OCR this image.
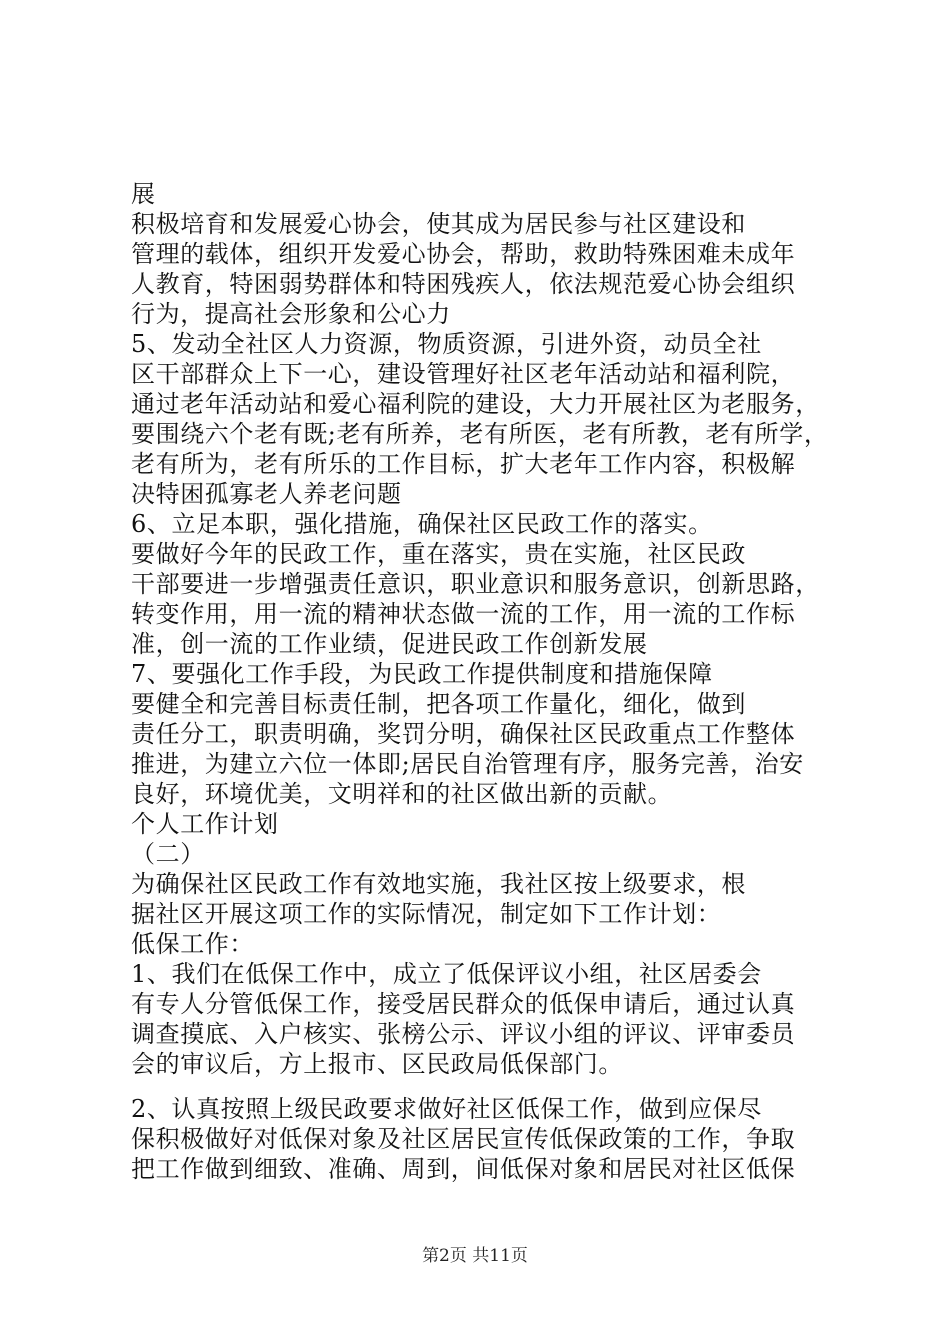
展
积极培育和发展爱心协会，使其成为居民参与社区建设和
管理的载体，组织开发爱心协会，帮助，救助特殊困难未成年
人教育，特困弱势群体和特困残疾人，依法规范爱心协会组织
行为，提高社会形象和公心力
5、发动全社区人力资源，物质资源，引进外资，动员全社
区干部群众上下一心，建设管理好社区老年活动站和福利院，
通过老年活动站和爱心福利院的建设，大力开展社区为老服务，
要围绕六个老有既;老有所养，老有所医，老有所教，老有所学，
老有所为，老有所乐的工作目标，扩大老年工作内容，积极解
决特困孤寡老人养老问题
6、立足本职，强化措施，确保社区民政工作的落实。
要做好今年的民政工作，重在落实，贵在实施，社区民政
干部要进一步增强责任意识，职业意识和服务意识，创新思路，
转变作用，用一流的精神状态做一流的工作，用一流的工作标
准，创一流的工作业绩，促进民政工作创新发展
7、要强化工作手段，为民政工作提供制度和措施保障
要健全和完善目标责任制，把各项工作量化，细化，做到
责任分工，职责明确，奖罚分明，确保社区民政重点工作整体
推进，为建立六位一体即;居民自治管理有序，服务完善，治安
良好，环境优美，文明祥和的社区做出新的贡献。
个人工作计划
（二）
为确保社区民政工作有效地实施，我社区按上级要求，根
据社区开展这项工作的实际情况，制定如下工作计划：
低保工作：
1、我们在低保工作中，成立了低保评议小组，社区居委会
有专人分管低保工作，接受居民群众的低保申请后，通过认真
调查摸底、入户核实、张榜公示、评议小组的评议、评审委员
会的审议后，方上报市、区民政局低保部门。
2、认真按照上级民政要求做好社区低保工作，做到应保尽
保积极做好对低保对象及社区居民宣传低保政策的工作，争取
把工作做到细致、准确、周到，间低保对象和居民对社区低保
第2页 共11页
